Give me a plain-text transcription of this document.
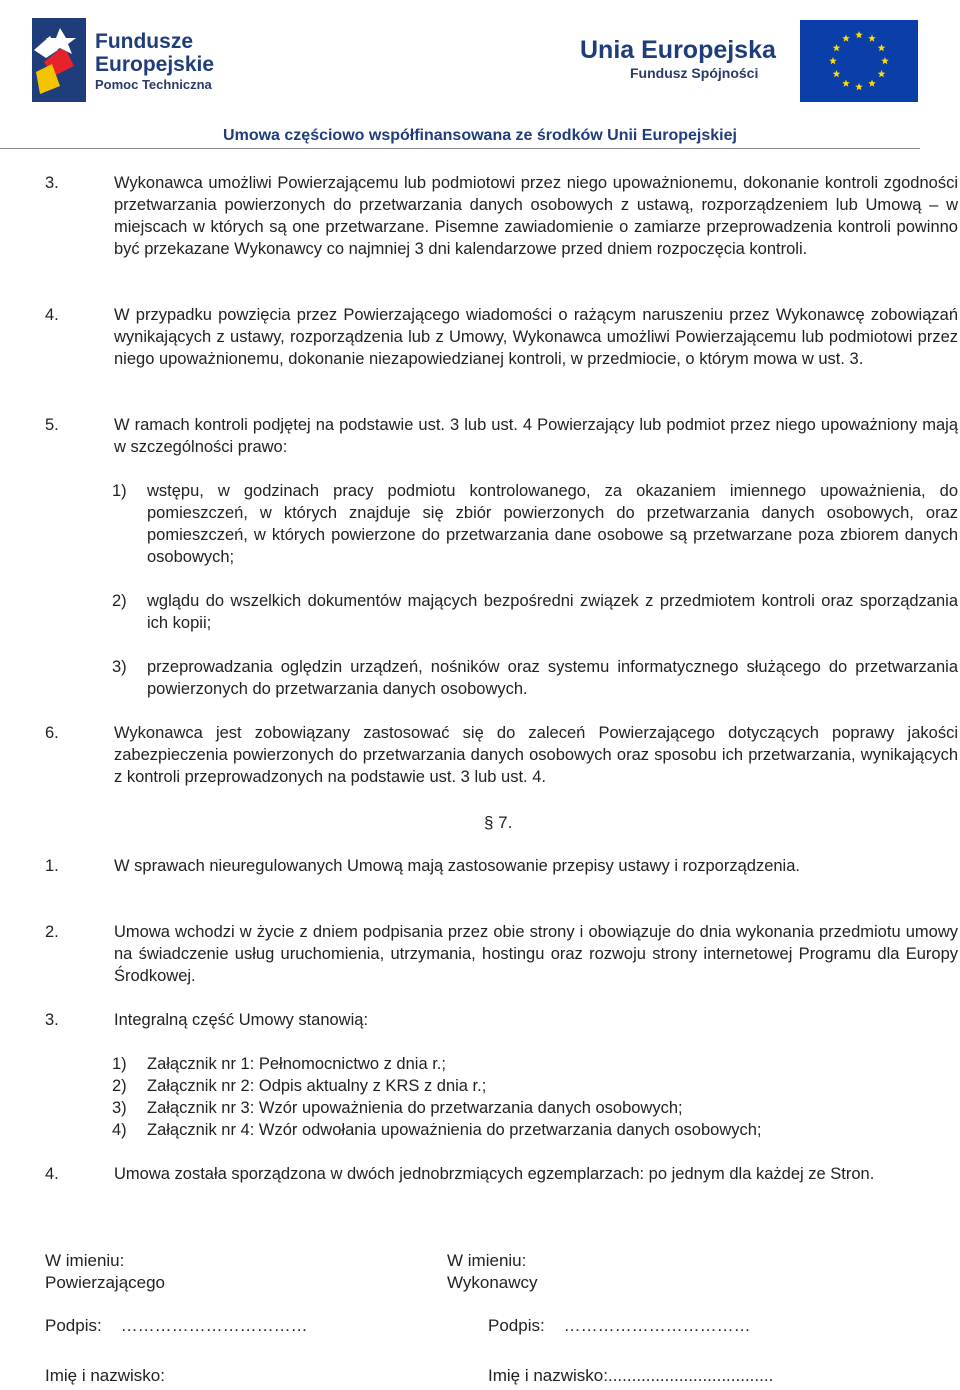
Fundusze
Europejskie
Pomoc Techniczna
Unia Europejska
Fundusz Spójności
Umowa częściowo współfinansowana ze środków Unii Europejskiej
3.	Wykonawca umożliwi Powierzającemu lub podmiotowi przez niego upoważnionemu, dokonanie kontroli zgodności przetwarzania powierzonych do przetwarzania danych osobowych z ustawą, rozporządzeniem lub Umową – w miejscach w których są one przetwarzane. Pisemne zawiadomienie o zamiarze przeprowadzenia kontroli powinno być przekazane Wykonawcy co najmniej 3 dni kalendarzowe przed dniem rozpoczęcia kontroli.
4.	W przypadku powzięcia przez Powierzającego wiadomości o rażącym naruszeniu przez Wykonawcę zobowiązań wynikających z ustawy, rozporządzenia lub z Umowy, Wykonawca umożliwi Powierzającemu lub podmiotowi przez niego upoważnionemu, dokonanie niezapowiedzianej kontroli, w przedmiocie, o którym mowa w ust. 3.
5.	W ramach kontroli podjętej na podstawie ust. 3 lub ust. 4 Powierzający lub podmiot przez niego upoważniony mają w szczególności prawo:
1) wstępu, w godzinach pracy podmiotu kontrolowanego, za okazaniem imiennego upoważnienia, do pomieszczeń, w których znajduje się zbiór powierzonych do przetwarzania danych osobowych, oraz pomieszczeń, w których powierzone do przetwarzania dane osobowe są przetwarzane poza zbiorem danych osobowych;
2) wglądu do wszelkich dokumentów mających bezpośredni związek z przedmiotem kontroli oraz sporządzania ich kopii;
3) przeprowadzania oględzin urządzeń, nośników oraz systemu informatycznego służącego do przetwarzania powierzonych do przetwarzania danych osobowych.
6.	Wykonawca jest zobowiązany zastosować się do zaleceń Powierzającego dotyczących poprawy jakości zabezpieczenia powierzonych do przetwarzania danych osobowych oraz sposobu ich przetwarzania, wynikających z kontroli przeprowadzonych na podstawie ust. 3 lub ust. 4.
§ 7.
1.	W sprawach nieuregulowanych Umową mają zastosowanie przepisy ustawy i rozporządzenia.
2.	Umowa wchodzi w życie z dniem podpisania przez obie strony i obowiązuje do dnia wykonania przedmiotu umowy na świadczenie usług uruchomienia, utrzymania, hostingu oraz rozwoju strony internetowej Programu dla Europy Środkowej.
3.	Integralną część Umowy stanowią:
1) Załącznik nr 1: Pełnomocnictwo z dnia r.;
2) Załącznik nr 2: Odpis aktualny z KRS z dnia r.;
3) Załącznik nr 3: Wzór upoważnienia do przetwarzania danych osobowych;
4) Załącznik nr 4: Wzór odwołania upoważnienia do przetwarzania danych osobowych;
4.	Umowa została sporządzona w dwóch jednobrzmiących egzemplarzach: po jednym dla każdej ze Stron.
W imieniu:
Powierzającego
W imieniu:
Wykonawcy
Podpis:    ……………………………	Podpis:    ……………………………
Imię i nazwisko:	Imię i nazwisko:...................................
